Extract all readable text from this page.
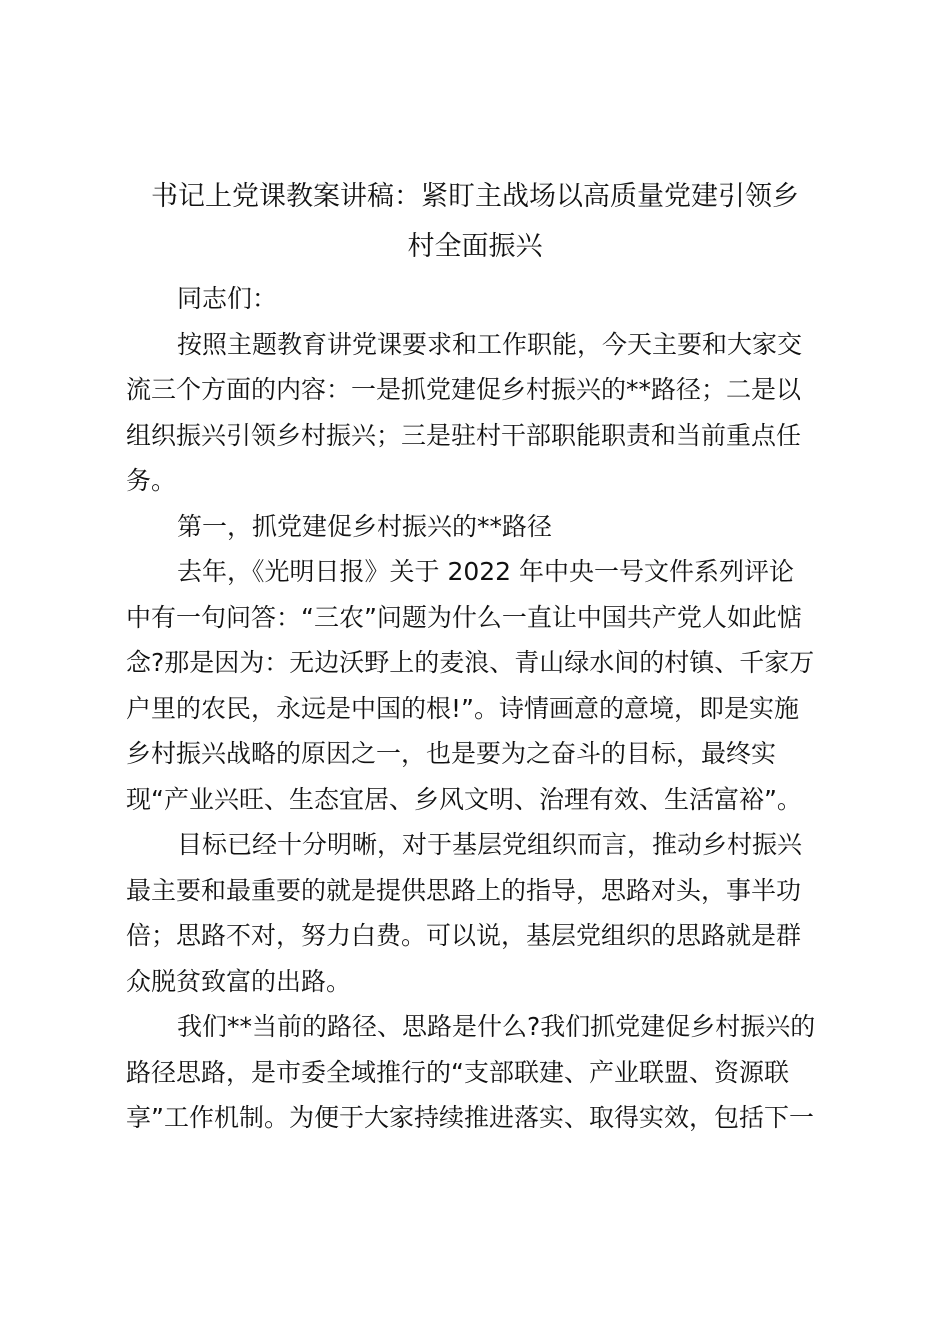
书记上党课教案讲稿：紧盯主战场以高质量党建引领乡
村全面振兴

同志们：

按照主题教育讲党课要求和工作职能，今天主要和大家交
流三个方面的内容：一是抓党建促乡村振兴的**路径；二是以
组织振兴引领乡村振兴；三是驻村干部职能职责和当前重点任
务。

第一，抓党建促乡村振兴的**路径

去年，《光明日报》关于 2022 年中央一号文件系列评论
中有一句问答：“三农”问题为什么一直让中国共产党人如此惦
念?那是因为：无边沃野上的麦浪、青山绿水间的村镇、千家万
户里的农民，永远是中国的根!”。诗情画意的意境，即是实施
乡村振兴战略的原因之一，也是要为之奋斗的目标，最终实
现“产业兴旺、生态宜居、乡风文明、治理有效、生活富裕”。

目标已经十分明晰，对于基层党组织而言，推动乡村振兴
最主要和最重要的就是提供思路上的指导，思路对头，事半功
倍；思路不对，努力白费。可以说，基层党组织的思路就是群
众脱贫致富的出路。

我们**当前的路径、思路是什么?我们抓党建促乡村振兴的
路径思路，是市委全域推行的“支部联建、产业联盟、资源联
享”工作机制。为便于大家持续推进落实、取得实效，包括下一
